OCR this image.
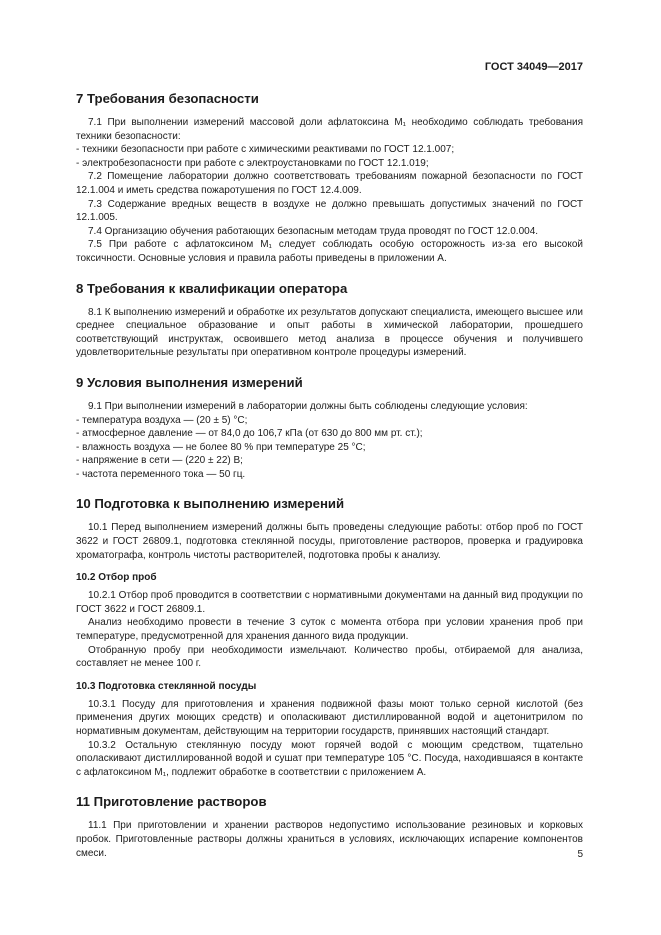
ГОСТ 34049—2017
7 Требования безопасности

7.1 При выполнении измерений массовой доли афлатоксина M₁ необходимо соблюдать требования техники безопасности:

- техники безопасности при работе с химическими реактивами по ГОСТ 12.1.007;

- электробезопасности при работе с электроустановками по ГОСТ 12.1.019;

7.2 Помещение лаборатории должно соответствовать требованиям пожарной безопасности по ГОСТ 12.1.004 и иметь средства пожаротушения по ГОСТ 12.4.009.

7.3 Содержание вредных веществ в воздухе не должно превышать допустимых значений по ГОСТ 12.1.005.

7.4 Организацию обучения работающих безопасным методам труда проводят по ГОСТ 12.0.004.

7.5 При работе с афлатоксином M₁ следует соблюдать особую осторожность из-за его высокой токсичности. Основные условия и правила работы приведены в приложении А.

8 Требования к квалификации оператора

8.1 К выполнению измерений и обработке их результатов допускают специалиста, имеющего высшее или среднее специальное образование и опыт работы в химической лаборатории, прошедшего соответствующий инструктаж, освоившего метод анализа в процессе обучения и получившего удовлетворительные результаты при оперативном контроле процедуры измерений.

9 Условия выполнения измерений

9.1 При выполнении измерений в лаборатории должны быть соблюдены следующие условия:

- температура воздуха — (20 ± 5) °С;

- атмосферное давление — от 84,0 до 106,7 кПа (от 630 до 800 мм рт. ст.);

- влажность воздуха — не более 80 % при температуре 25 °С;

- напряжение в сети — (220 ± 22) В;

- частота переменного тока — 50 гц.

10 Подготовка к выполнению измерений

10.1 Перед выполнением измерений должны быть проведены следующие работы: отбор проб по ГОСТ 3622 и ГОСТ 26809.1, подготовка стеклянной посуды, приготовление растворов, проверка и градуировка хроматографа, контроль чистоты растворителей, подготовка пробы к анализу.

10.2 Отбор проб

10.2.1 Отбор проб проводится в соответствии с нормативными документами на данный вид продукции по ГОСТ 3622 и ГОСТ 26809.1.

Анализ необходимо провести в течение 3 суток с момента отбора при условии хранения проб при температуре, предусмотренной для хранения данного вида продукции.

Отобранную пробу при необходимости измельчают. Количество пробы, отбираемой для анализа, составляет не менее 100 г.

10.3 Подготовка стеклянной посуды

10.3.1 Посуду для приготовления и хранения подвижной фазы моют только серной кислотой (без применения других моющих средств) и ополаскивают дистиллированной водой и ацетонитрилом по нормативным документам, действующим на территории государств, принявших настоящий стандарт.

10.3.2 Остальную стеклянную посуду моют горячей водой с моющим средством, тщательно ополаскивают дистиллированной водой и сушат при температуре 105 °С. Посуда, находившаяся в контакте с афлатоксином M₁, подлежит обработке в соответствии с приложением А.

11 Приготовление растворов

11.1 При приготовлении и хранении растворов недопустимо использование резиновых и корковых пробок. Приготовленные растворы должны храниться в условиях, исключающих испарение компонентов смеси.	5
